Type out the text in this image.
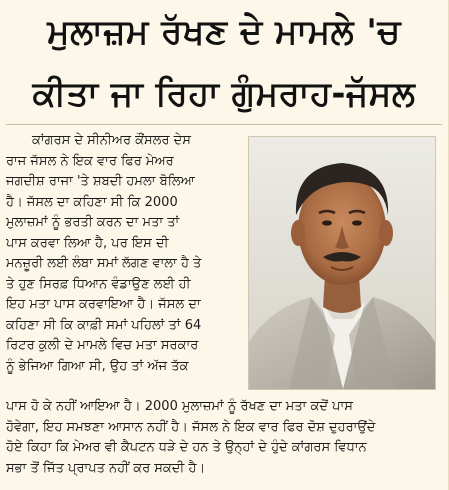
ਮੁਲਾਜ਼ਮ ਰੱਖਣ ਦੇ ਮਾਮਲੇ 'ਚ
ਕੀਤਾ ਜਾ ਰਿਹਾ ਗੁੰਮਰਾਹ-ਜੱਸਲ
ਕਾਂਗਰਸ ਦੇ ਸੀਨੀਅਰ ਕੌਂਸਲਰ ਦੇਸ
ਰਾਜ ਜੱਸਲ ਨੇ ਇਕ ਵਾਰ ਫਿਰ ਮੇਅਰ
ਜਗਦੀਸ਼ ਰਾਜਾ 'ਤੇ ਸ਼ਬਦੀ ਹਮਲਾ ਬੋਲਿਆ
ਹੈ। ਜੱਸਲ ਦਾ ਕਹਿਣਾ ਸੀ ਕਿ 2000
ਮੁਲਾਜ਼ਮਾਂ ਨੂੰ ਭਰਤੀ ਕਰਨ ਦਾ ਮਤਾ ਤਾਂ
ਪਾਸ ਕਰਵਾ ਲਿਆ ਹੈ, ਪਰ ਇਸ ਦੀ
ਮਨਜ਼ੂਰੀ ਲਈ ਲੰਬਾ ਸਮਾਂ ਲੱਗਣ ਵਾਲਾ ਹੈ ਤੇ
ਤੇ ਹੁਣ ਸਿਰਫ਼ ਧਿਆਨ ਵੰਡਾਉਣ ਲਈ ਹੀ
ਇਹ ਮਤਾ ਪਾਸ ਕਰਵਾਇਆ ਹੈ। ਜੱਸਲ ਦਾ
ਕਹਿਣਾ ਸੀ ਕਿ ਕਾਫ਼ੀ ਸਮਾਂ ਪਹਿਲਾਂ ਤਾਂ 64
ਰਿਟਰ ਕੁਲੀ ਦੇ ਮਾਮਲੇ ਵਿਚ ਮਤਾ ਸਰਕਾਰ
ਨੂੰ ਭੇਜਿਆ ਗਿਆ ਸੀ, ਉਹ ਤਾਂ ਅੱਜ ਤੱਕ
ਪਾਸ ਹੋ ਕੇ ਨਹੀਂ ਆਇਆ ਹੈ। 2000 ਮੁਲਾਜ਼ਮਾਂ ਨੂੰ ਰੱਖਣ ਦਾ ਮਤਾ ਕਦੋਂ ਪਾਸ
ਹੋਵੇਗਾ, ਇਹ ਸਮਝਣਾ ਆਸਾਨ ਨਹੀਂ ਹੈ। ਜੱਸਲ ਨੇ ਇਕ ਵਾਰ ਫਿਰ ਦੋਸ਼ ਦੁਹਰਾਉਂਦੇ
ਹੋਏ ਕਿਹਾ ਕਿ ਮੇਅਰ ਵੀ ਕੈਪਟਨ ਧੜੇ ਦੇ ਹਨ ਤੇ ਉਨ੍ਹਾਂ ਦੇ ਹੁੰਦੇ ਕਾਂਗਰਸ ਵਿਧਾਨ
ਸਭਾ ਤੋਂ ਜਿੱਤ ਪ੍ਰਾਪਤ ਨਹੀਂ ਕਰ ਸਕਦੀ ਹੈ।
